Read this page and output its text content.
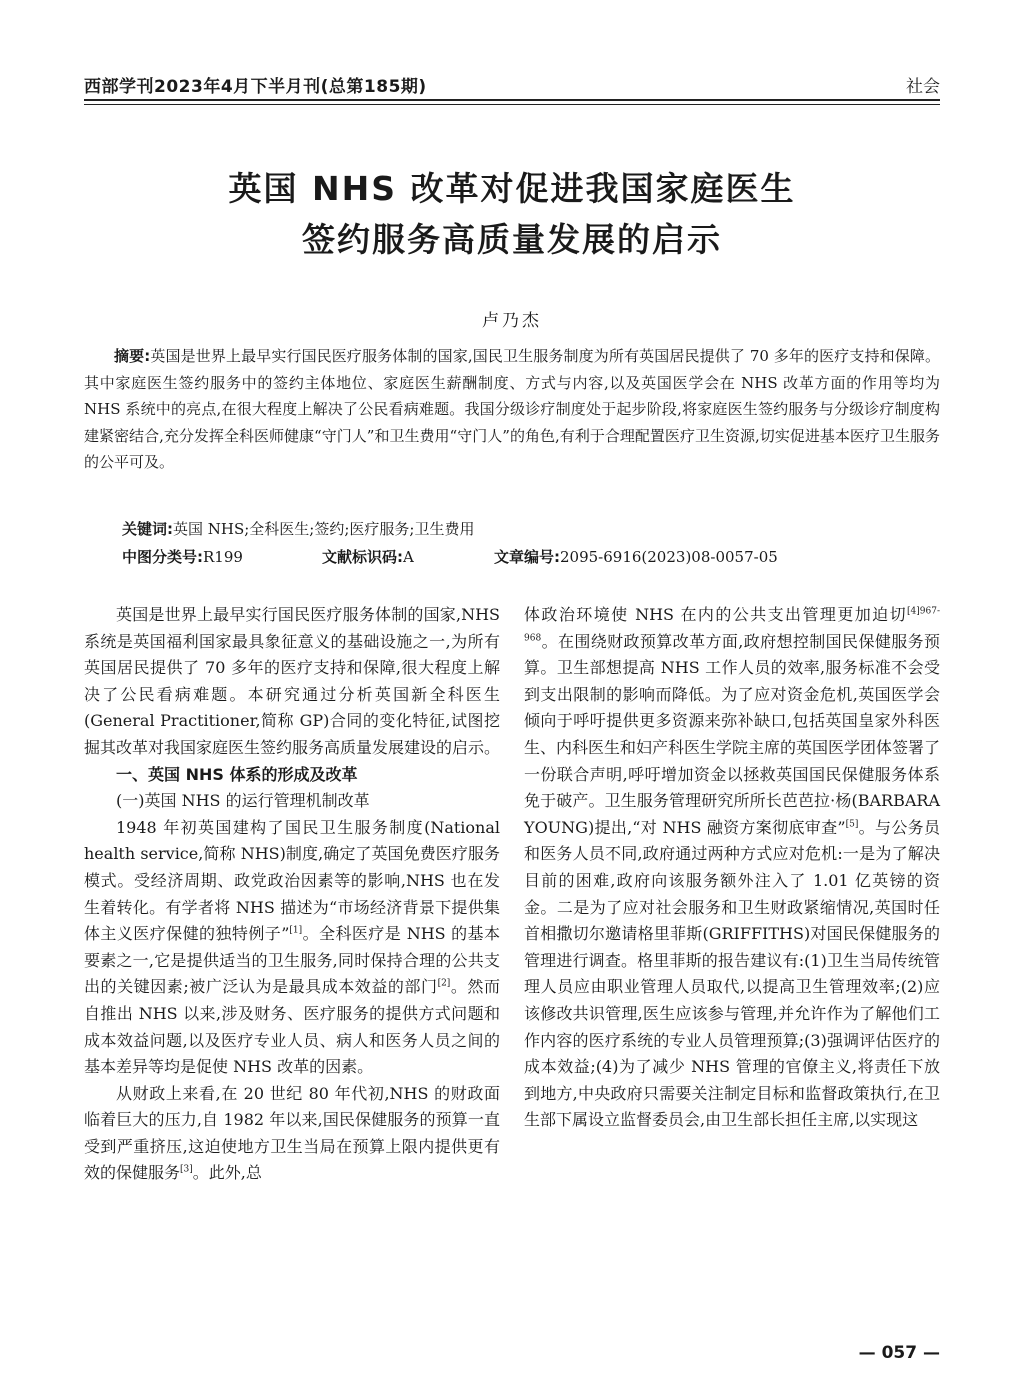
西部学刊2023年4月下半月刊(总第185期)	社会
英国 NHS 改革对促进我国家庭医生
签约服务高质量发展的启示
卢乃杰
摘要:英国是世界上最早实行国民医疗服务体制的国家,国民卫生服务制度为所有英国居民提供了 70 多年的医疗支持和保障。其中家庭医生签约服务中的签约主体地位、家庭医生薪酬制度、方式与内容,以及英国医学会在 NHS 改革方面的作用等均为 NHS 系统中的亮点,在很大程度上解决了公民看病难题。我国分级诊疗制度处于起步阶段,将家庭医生签约服务与分级诊疗制度构建紧密结合,充分发挥全科医师健康“守门人”和卫生费用“守门人”的角色,有利于合理配置医疗卫生资源,切实促进基本医疗卫生服务的公平可及。
关键词:英国 NHS;全科医生;签约;医疗服务;卫生费用
中图分类号:R199	文献标识码:A	文章编号:2095-6916(2023)08-0057-05

英国是世界上最早实行国民医疗服务体制的国家,NHS 系统是英国福利国家最具象征意义的基础设施之一,为所有英国居民提供了 70 多年的医疗支持和保障,很大程度上解决了公民看病难题。本研究通过分析英国新全科医生(General Practitioner,简称 GP)合同的变化特征,试图挖掘其改革对我国家庭医生签约服务高质量发展建设的启示。

一、英国 NHS 体系的形成及改革

(一)英国 NHS 的运行管理机制改革

1948 年初英国建构了国民卫生服务制度(National health service,简称 NHS)制度,确定了英国免费医疗服务模式。受经济周期、政党政治因素等的影响,NHS 也在发生着转化。有学者将 NHS 描述为“市场经济背景下提供集体主义医疗保健的独特例子”[1]。全科医疗是 NHS 的基本要素之一,它是提供适当的卫生服务,同时保持合理的公共支出的关键因素;被广泛认为是最具成本效益的部门[2]。然而自推出 NHS 以来,涉及财务、医疗服务的提供方式问题和成本效益问题,以及医疗专业人员、病人和医务人员之间的基本差异等均是促使 NHS 改革的因素。

从财政上来看,在 20 世纪 80 年代初,NHS 的财政面临着巨大的压力,自 1982 年以来,国民保健服务的预算一直受到严重挤压,这迫使地方卫生当局在预算上限内提供更有效的保健服务[3]。此外,总

体政治环境使 NHS 在内的公共支出管理更加迫切$^{[4]967-968}$。在围绕财政预算改革方面,政府想控制国民保健服务预算。卫生部想提高 NHS 工作人员的效率,服务标准不会受到支出限制的影响而降低。为了应对资金危机,英国医学会倾向于呼吁提供更多资源来弥补缺口,包括英国皇家外科医生、内科医生和妇产科医生学院主席的英国医学团体签署了一份联合声明,呼吁增加资金以拯救英国国民保健服务体系免于破产。卫生服务管理研究所所长芭芭拉·杨(BARBARA YOUNG)提出,“对 NHS 融资方案彻底审查”[5]。与公务员和医务人员不同,政府通过两种方式应对危机:一是为了解决目前的困难,政府向该服务额外注入了 1.01 亿英镑的资金。二是为了应对社会服务和卫生财政紧缩情况,英国时任首相撒切尔邀请格里菲斯(GRIFFITHS)对国民保健服务的管理进行调查。格里菲斯的报告建议有:(1)卫生当局传统管理人员应由职业管理人员取代,以提高卫生管理效率;(2)应该修改共识管理,医生应该参与管理,并允许作为了解他们工作内容的医疗系统的专业人员管理预算;(3)强调评估医疗的成本效益;(4)为了减少 NHS 管理的官僚主义,将责任下放到地方,中央政府只需要关注制定目标和监督政策执行,在卫生部下属设立监督委员会,由卫生部长担任主席,以实现这

— 057 —
